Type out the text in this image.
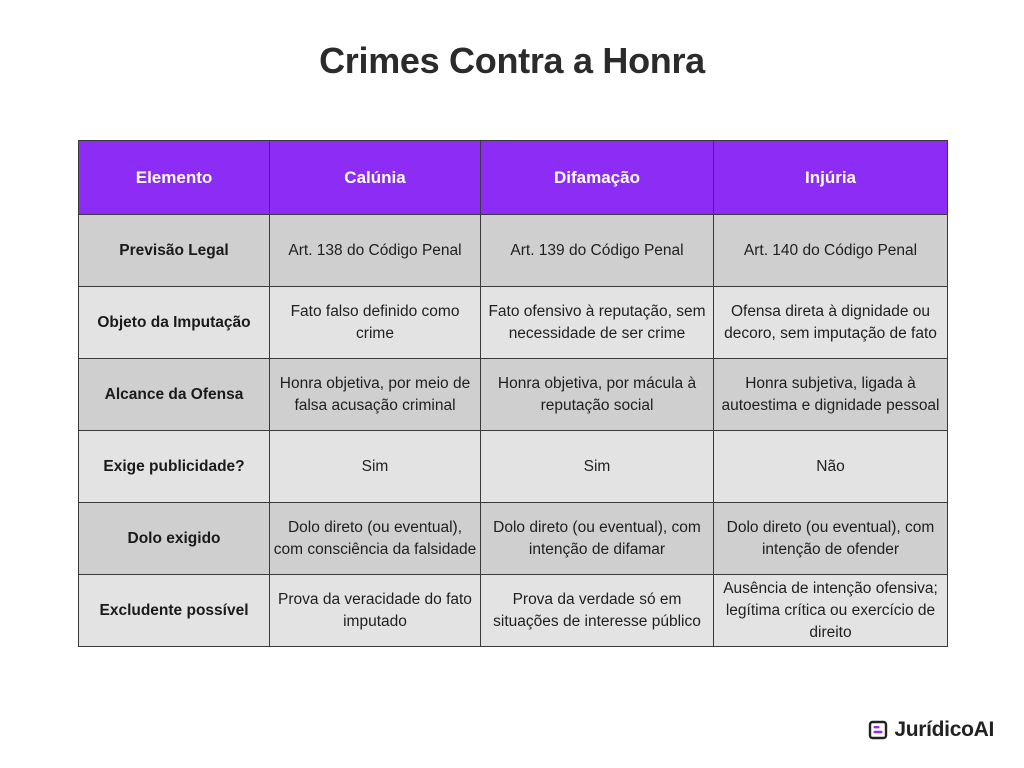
Crimes Contra a Honra
Elemento	Calúnia	Difamação	Injúria
Previsão Legal	Art. 138 do Código Penal	Art. 139 do Código Penal	Art. 140 do Código Penal
Objeto da Imputação	Fato falso definido como crime	Fato ofensivo à reputação, sem necessidade de ser crime	Ofensa direta à dignidade ou decoro, sem imputação de fato
Alcance da Ofensa	Honra objetiva, por meio de falsa acusação criminal	Honra objetiva, por mácula à reputação social	Honra subjetiva, ligada à autoestima e dignidade pessoal
Exige publicidade?	Sim	Sim	Não
Dolo exigido	Dolo direto (ou eventual), com consciência da falsidade	Dolo direto (ou eventual), com intenção de difamar	Dolo direto (ou eventual), com intenção de ofender
Excludente possível	Prova da veracidade do fato imputado	Prova da verdade só em situações de interesse público	Ausência de intenção ofensiva; legítima crítica ou exercício de direito
JurídicoAI
